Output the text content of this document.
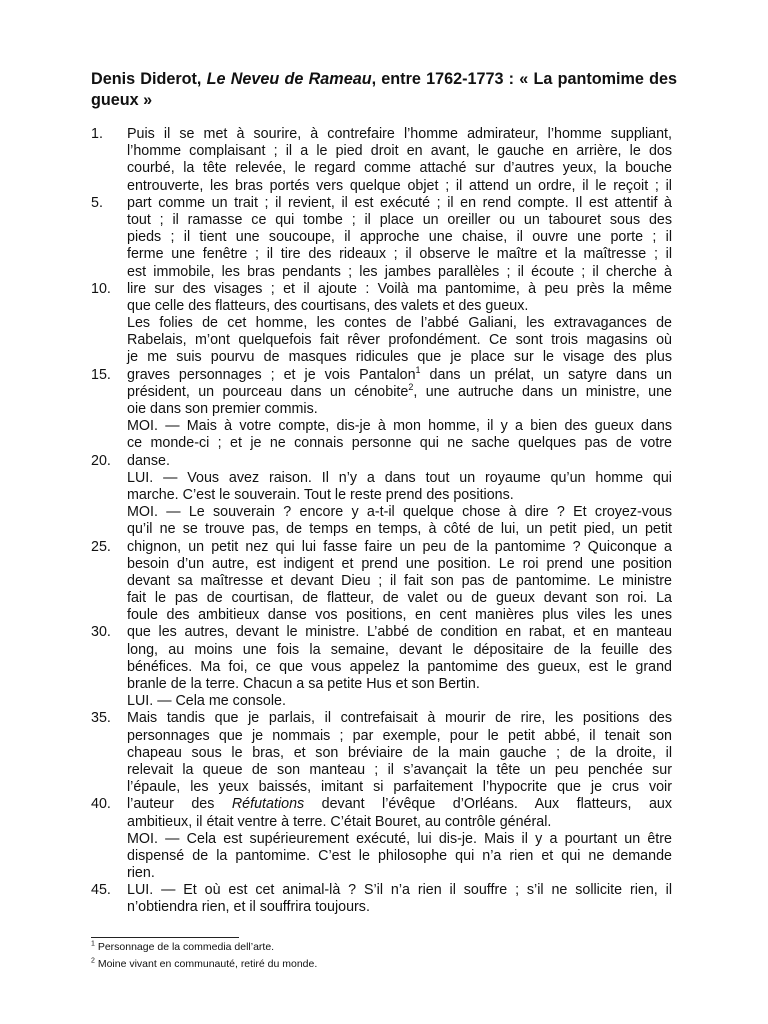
Denis Diderot, Le Neveu de Rameau, entre 1762-1773 : « La pantomime des gueux »
1. Puis il se met à sourire, à contrefaire l’homme admirateur, l’homme suppliant,
l’homme complaisant ; il a le pied droit en avant, le gauche en arrière, le dos
courbé, la tête relevée, le regard comme attaché sur d’autres yeux, la bouche
entrouverte, les bras portés vers quelque objet ; il attend un ordre, il le reçoit ; il
5. part comme un trait ; il revient, il est exécuté ; il en rend compte. Il est attentif à
tout ; il ramasse ce qui tombe ; il place un oreiller ou un tabouret sous des
pieds ; il tient une soucoupe, il approche une chaise, il ouvre une porte ; il
ferme une fenêtre ; il tire des rideaux ; il observe le maître et la maîtresse ; il
est immobile, les bras pendants ; les jambes parallèles ; il écoute ; il cherche à
10. lire sur des visages ; et il ajoute : Voilà ma pantomime, à peu près la même
que celle des flatteurs, des courtisans, des valets et des gueux.
Les folies de cet homme, les contes de l’abbé Galiani, les extravagances de
Rabelais, m’ont quelquefois fait rêver profondément. Ce sont trois magasins où
je me suis pourvu de masques ridicules que je place sur le visage des plus
15. graves personnages ; et je vois Pantalon$^1$ dans un prélat, un satyre dans un
président, un pourceau dans un cénobite$^2$, une autruche dans un ministre, une
oie dans son premier commis.
MOI. — Mais à votre compte, dis-je à mon homme, il y a bien des gueux dans
ce monde-ci ; et je ne connais personne qui ne sache quelques pas de votre
20. danse.
LUI. — Vous avez raison. Il n’y a dans tout un royaume qu’un homme qui
marche. C’est le souverain. Tout le reste prend des positions.
MOI. — Le souverain ? encore y a-t-il quelque chose à dire ? Et croyez-vous
qu’il ne se trouve pas, de temps en temps, à côté de lui, un petit pied, un petit
25. chignon, un petit nez qui lui fasse faire un peu de la pantomime ? Quiconque a
besoin d’un autre, est indigent et prend une position. Le roi prend une position
devant sa maîtresse et devant Dieu ; il fait son pas de pantomime. Le ministre
fait le pas de courtisan, de flatteur, de valet ou de gueux devant son roi. La
foule des ambitieux danse vos positions, en cent manières plus viles les unes
30. que les autres, devant le ministre. L’abbé de condition en rabat, et en manteau
long, au moins une fois la semaine, devant le dépositaire de la feuille des
bénéfices. Ma foi, ce que vous appelez la pantomime des gueux, est le grand
branle de la terre. Chacun a sa petite Hus et son Bertin.
LUI. — Cela me console.
35. Mais tandis que je parlais, il contrefaisait à mourir de rire, les positions des
personnages que je nommais ; par exemple, pour le petit abbé, il tenait son
chapeau sous le bras, et son bréviaire de la main gauche ; de la droite, il
relevait la queue de son manteau ; il s’avançait la tête un peu penchée sur
l’épaule, les yeux baissés, imitant si parfaitement l’hypocrite que je crus voir
40. l’auteur des Réfutations devant l’évêque d’Orléans. Aux flatteurs, aux
ambitieux, il était ventre à terre. C’était Bouret, au contrôle général.
MOI. — Cela est supérieurement exécuté, lui dis-je. Mais il y a pourtant un être
dispensé de la pantomime. C’est le philosophe qui n’a rien et qui ne demande
rien.
45. LUI. — Et où est cet animal-là ? S’il n’a rien il souffre ; s’il ne sollicite rien, il
n’obtiendra rien, et il souffrira toujours.
$^1$ Personnage de la commedia dell’arte.
$^2$ Moine vivant en communauté, retiré du monde.
